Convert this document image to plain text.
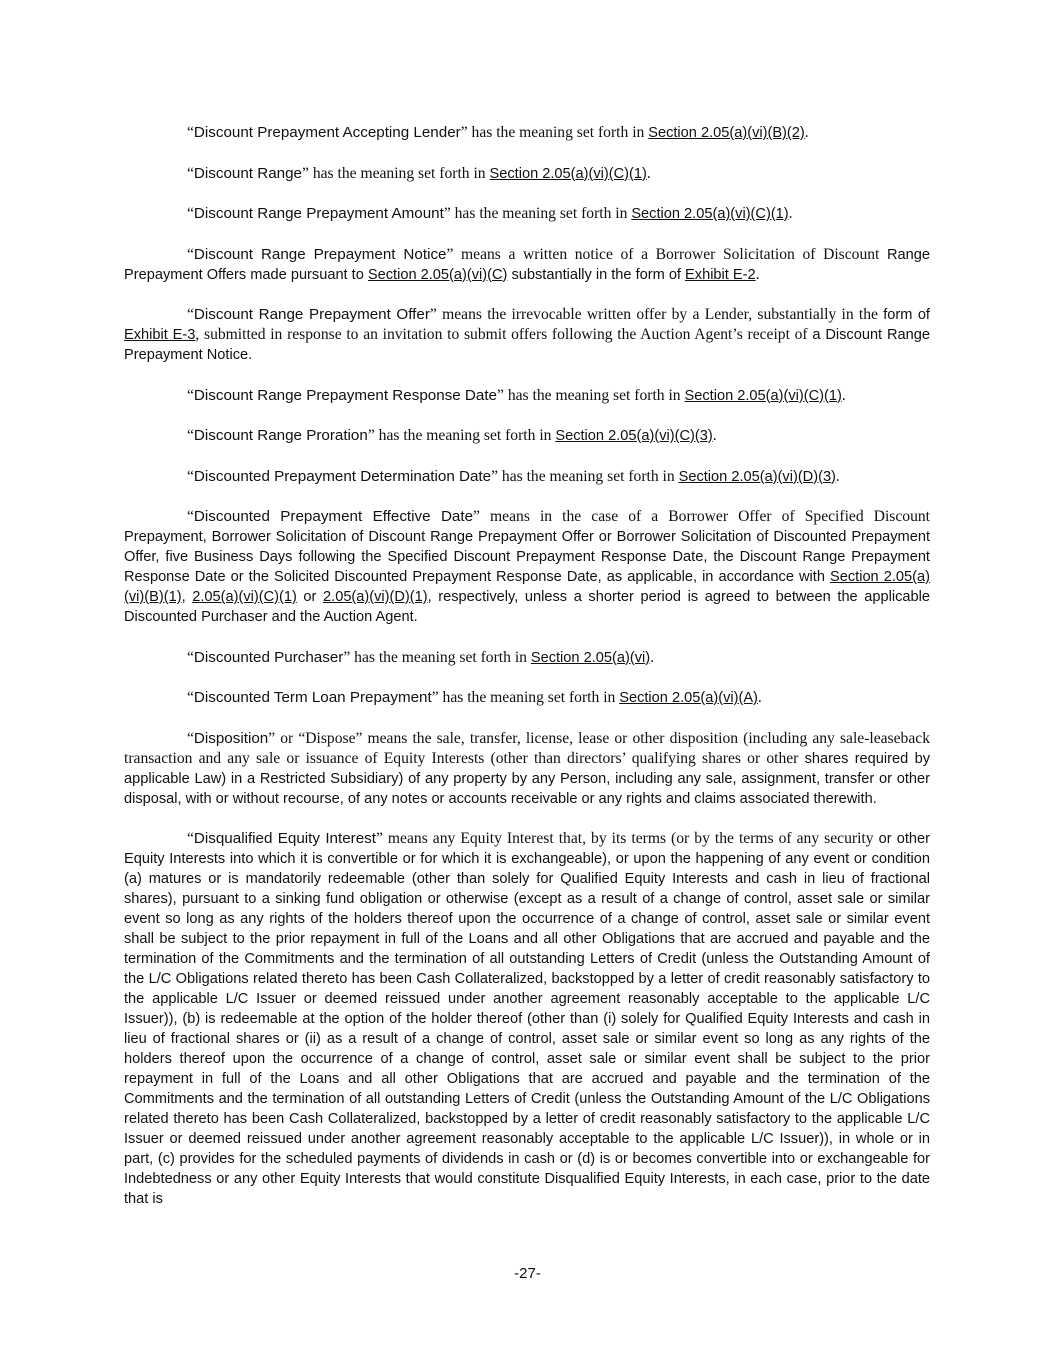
“Discount Prepayment Accepting Lender” has the meaning set forth in Section 2.05(a)(vi)(B)(2).

“Discount Range” has the meaning set forth in Section 2.05(a)(vi)(C)(1).

“Discount Range Prepayment Amount” has the meaning set forth in Section 2.05(a)(vi)(C)(1).

“Discount Range Prepayment Notice” means a written notice of a Borrower Solicitation of Discount Range Prepayment Offers made pursuant to Section 2.05(a)(vi)(C) substantially in the form of Exhibit E-2.

“Discount Range Prepayment Offer” means the irrevocable written offer by a Lender, substantially in the form of Exhibit E-3, submitted in response to an invitation to submit offers following the Auction Agent’s receipt of a Discount Range Prepayment Notice.

“Discount Range Prepayment Response Date” has the meaning set forth in Section 2.05(a)(vi)(C)(1).

“Discount Range Proration” has the meaning set forth in Section 2.05(a)(vi)(C)(3).

“Discounted Prepayment Determination Date” has the meaning set forth in Section 2.05(a)(vi)(D)(3).

“Discounted Prepayment Effective Date” means in the case of a Borrower Offer of Specified Discount Prepayment, Borrower Solicitation of Discount Range Prepayment Offer or Borrower Solicitation of Discounted Prepayment Offer, five Business Days following the Specified Discount Prepayment Response Date, the Discount Range Prepayment Response Date or the Solicited Discounted Prepayment Response Date, as applicable, in accordance with Section 2.05(a)(vi)(B)(1), 2.05(a)(vi)(C)(1) or 2.05(a)(vi)(D)(1), respectively, unless a shorter period is agreed to between the applicable Discounted Purchaser and the Auction Agent.

“Discounted Purchaser” has the meaning set forth in Section 2.05(a)(vi).

“Discounted Term Loan Prepayment” has the meaning set forth in Section 2.05(a)(vi)(A).

“Disposition” or “Dispose” means the sale, transfer, license, lease or other disposition (including any sale-leaseback transaction and any sale or issuance of Equity Interests (other than directors’ qualifying shares or other shares required by applicable Law) in a Restricted Subsidiary) of any property by any Person, including any sale, assignment, transfer or other disposal, with or without recourse, of any notes or accounts receivable or any rights and claims associated therewith.

“Disqualified Equity Interest” means any Equity Interest that, by its terms (or by the terms of any security or other Equity Interests into which it is convertible or for which it is exchangeable), or upon the happening of any event or condition (a) matures or is mandatorily redeemable (other than solely for Qualified Equity Interests and cash in lieu of fractional shares), pursuant to a sinking fund obligation or otherwise (except as a result of a change of control, asset sale or similar event so long as any rights of the holders thereof upon the occurrence of a change of control, asset sale or similar event shall be subject to the prior repayment in full of the Loans and all other Obligations that are accrued and payable and the termination of the Commitments and the termination of all outstanding Letters of Credit (unless the Outstanding Amount of the L/C Obligations related thereto has been Cash Collateralized, backstopped by a letter of credit reasonably satisfactory to the applicable L/C Issuer or deemed reissued under another agreement reasonably acceptable to the applicable L/C Issuer)), (b) is redeemable at the option of the holder thereof (other than (i) solely for Qualified Equity Interests and cash in lieu of fractional shares or (ii) as a result of a change of control, asset sale or similar event so long as any rights of the holders thereof upon the occurrence of a change of control, asset sale or similar event shall be subject to the prior repayment in full of the Loans and all other Obligations that are accrued and payable and the termination of the Commitments and the termination of all outstanding Letters of Credit (unless the Outstanding Amount of the L/C Obligations related thereto has been Cash Collateralized, backstopped by a letter of credit reasonably satisfactory to the applicable L/C Issuer or deemed reissued under another agreement reasonably acceptable to the applicable L/C Issuer)), in whole or in part, (c) provides for the scheduled payments of dividends in cash or (d) is or becomes convertible into or exchangeable for Indebtedness or any other Equity Interests that would constitute Disqualified Equity Interests, in each case, prior to the date that is

-27-
